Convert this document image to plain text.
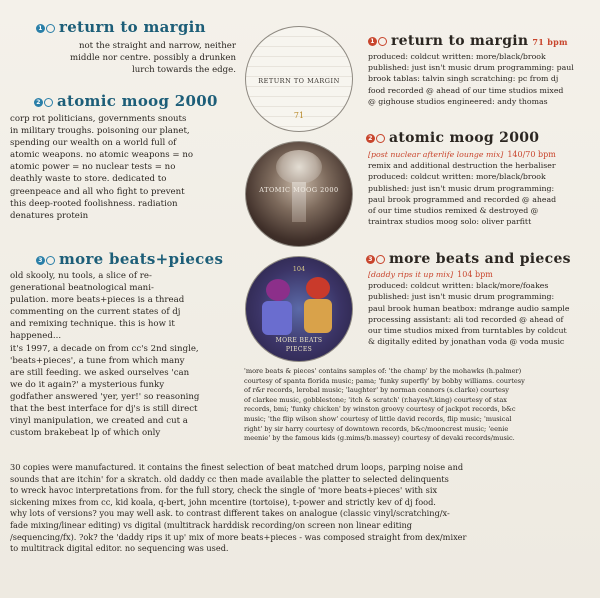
1 return to margin
not the straight and narrow, neither
middle nor centre. possibly a drunken
lurch towards the edge.
2 atomic moog 2000
corp rot politicians, governments snouts
in military troughs. poisoning our planet,
spending our wealth on a world full of
atomic weapons. no atomic weapons = no
atomic power = no nuclear tests = no
deathly waste to store. dedicated to
greenpeace and all who fight to prevent
this deep-rooted foolishness. radiation
denatures protein
3 more beats+pieces
old skooly, nu tools, a slice of re-
generational beatnological mani-
pulation. more beats+pieces is a thread
commenting on the current states of dj
and remixing technique. this is how it
happened...
it's 1997, a decade on from cc's 2nd single,
'beats+pieces', a tune from which many
are still feeding. we asked ourselves 'can
we do it again?' a mysterious funky
godfather answered 'yer, yer!' so reasoning
that the best interface for dj's is still direct
vinyl manipulation, we created and cut a
custom brakebeat lp of which only
RETURN TO MARGIN
71
ATOMIC MOOG 2000
104
MORE BEATS
PIECES
1 return to margin 71 bpm
produced: coldcut written: more/black/brook
published: just isn't music drum programming: paul
brook tablas: talvin singh scratching: pc from dj
food recorded @ ahead of our time studios mixed
@ gighouse studios engineered: andy thomas
2 atomic moog 2000
[post nuclear afterlife lounge mix] 140/70 bpm
remix and additional destruction the herbaliser
produced: coldcut written: more/black/brook
published: just isn't music drum programming:
paul brook programmed and recorded @ ahead
of our time studios remixed & destroyed @
traintrax studios moog solo: oliver parfitt
3 more beats and pieces
[daddy rips it up mix] 104 bpm
produced: coldcut written: black/more/foakes
published: just isn't music drum programming:
paul brook human beatbox: mdrange audio sample
processing assistant: ali tod recorded @ ahead of
our time studios mixed from turntables by coldcut
& digitally edited by jonathan voda @ voda music
'more beats & pieces' contains samples of: 'the champ' by the mohawks (h.palmer)
courtesy of spanta florida music; pama; 'funky superfly' by bobby williams. courtesy
of r&r records, lerobal music; 'laughter' by norman connors (s.clarke) courtesy
of clarkee music, gobblestone; 'itch & scratch' (r.hayes/t.king) courtesy of stax
records, bmi; 'funky chicken' by winston groovy courtesy of jackpot records, b&c
music; 'the flip wilson show' courtesy of little david records, flip music; 'musical
right' by sir harry courtesy of downtown records, b&c/mooncrest music; 'eenie
meenie' by the famous kids (g.mims/b.massey) courtesy of devaki records/music.
30 copies were manufactured. it contains the finest selection of beat matched drum loops, parping noise and
sounds that are itchin' for a skratch. old daddy cc then made available the platter to selected delinquents
to wreck havoc interpretations from. for the full story, check the single of 'more beats+pieces' with six
sickening mixes from cc, kid koala, q-bert, john mcentire (tortoise), t-power and strictly kev of dj food.
why lots of versions? you may well ask. to contrast different takes on analogue (classic vinyl/scratching/x-
fade mixing/linear editing) vs digital (multitrack harddisk recording/on screen non linear editing
/sequencing/fx). ?ok? the 'daddy rips it up' mix of more beats+pieces - was composed straight from dex/mixer
to multitrack digital editor. no sequencing was used.
